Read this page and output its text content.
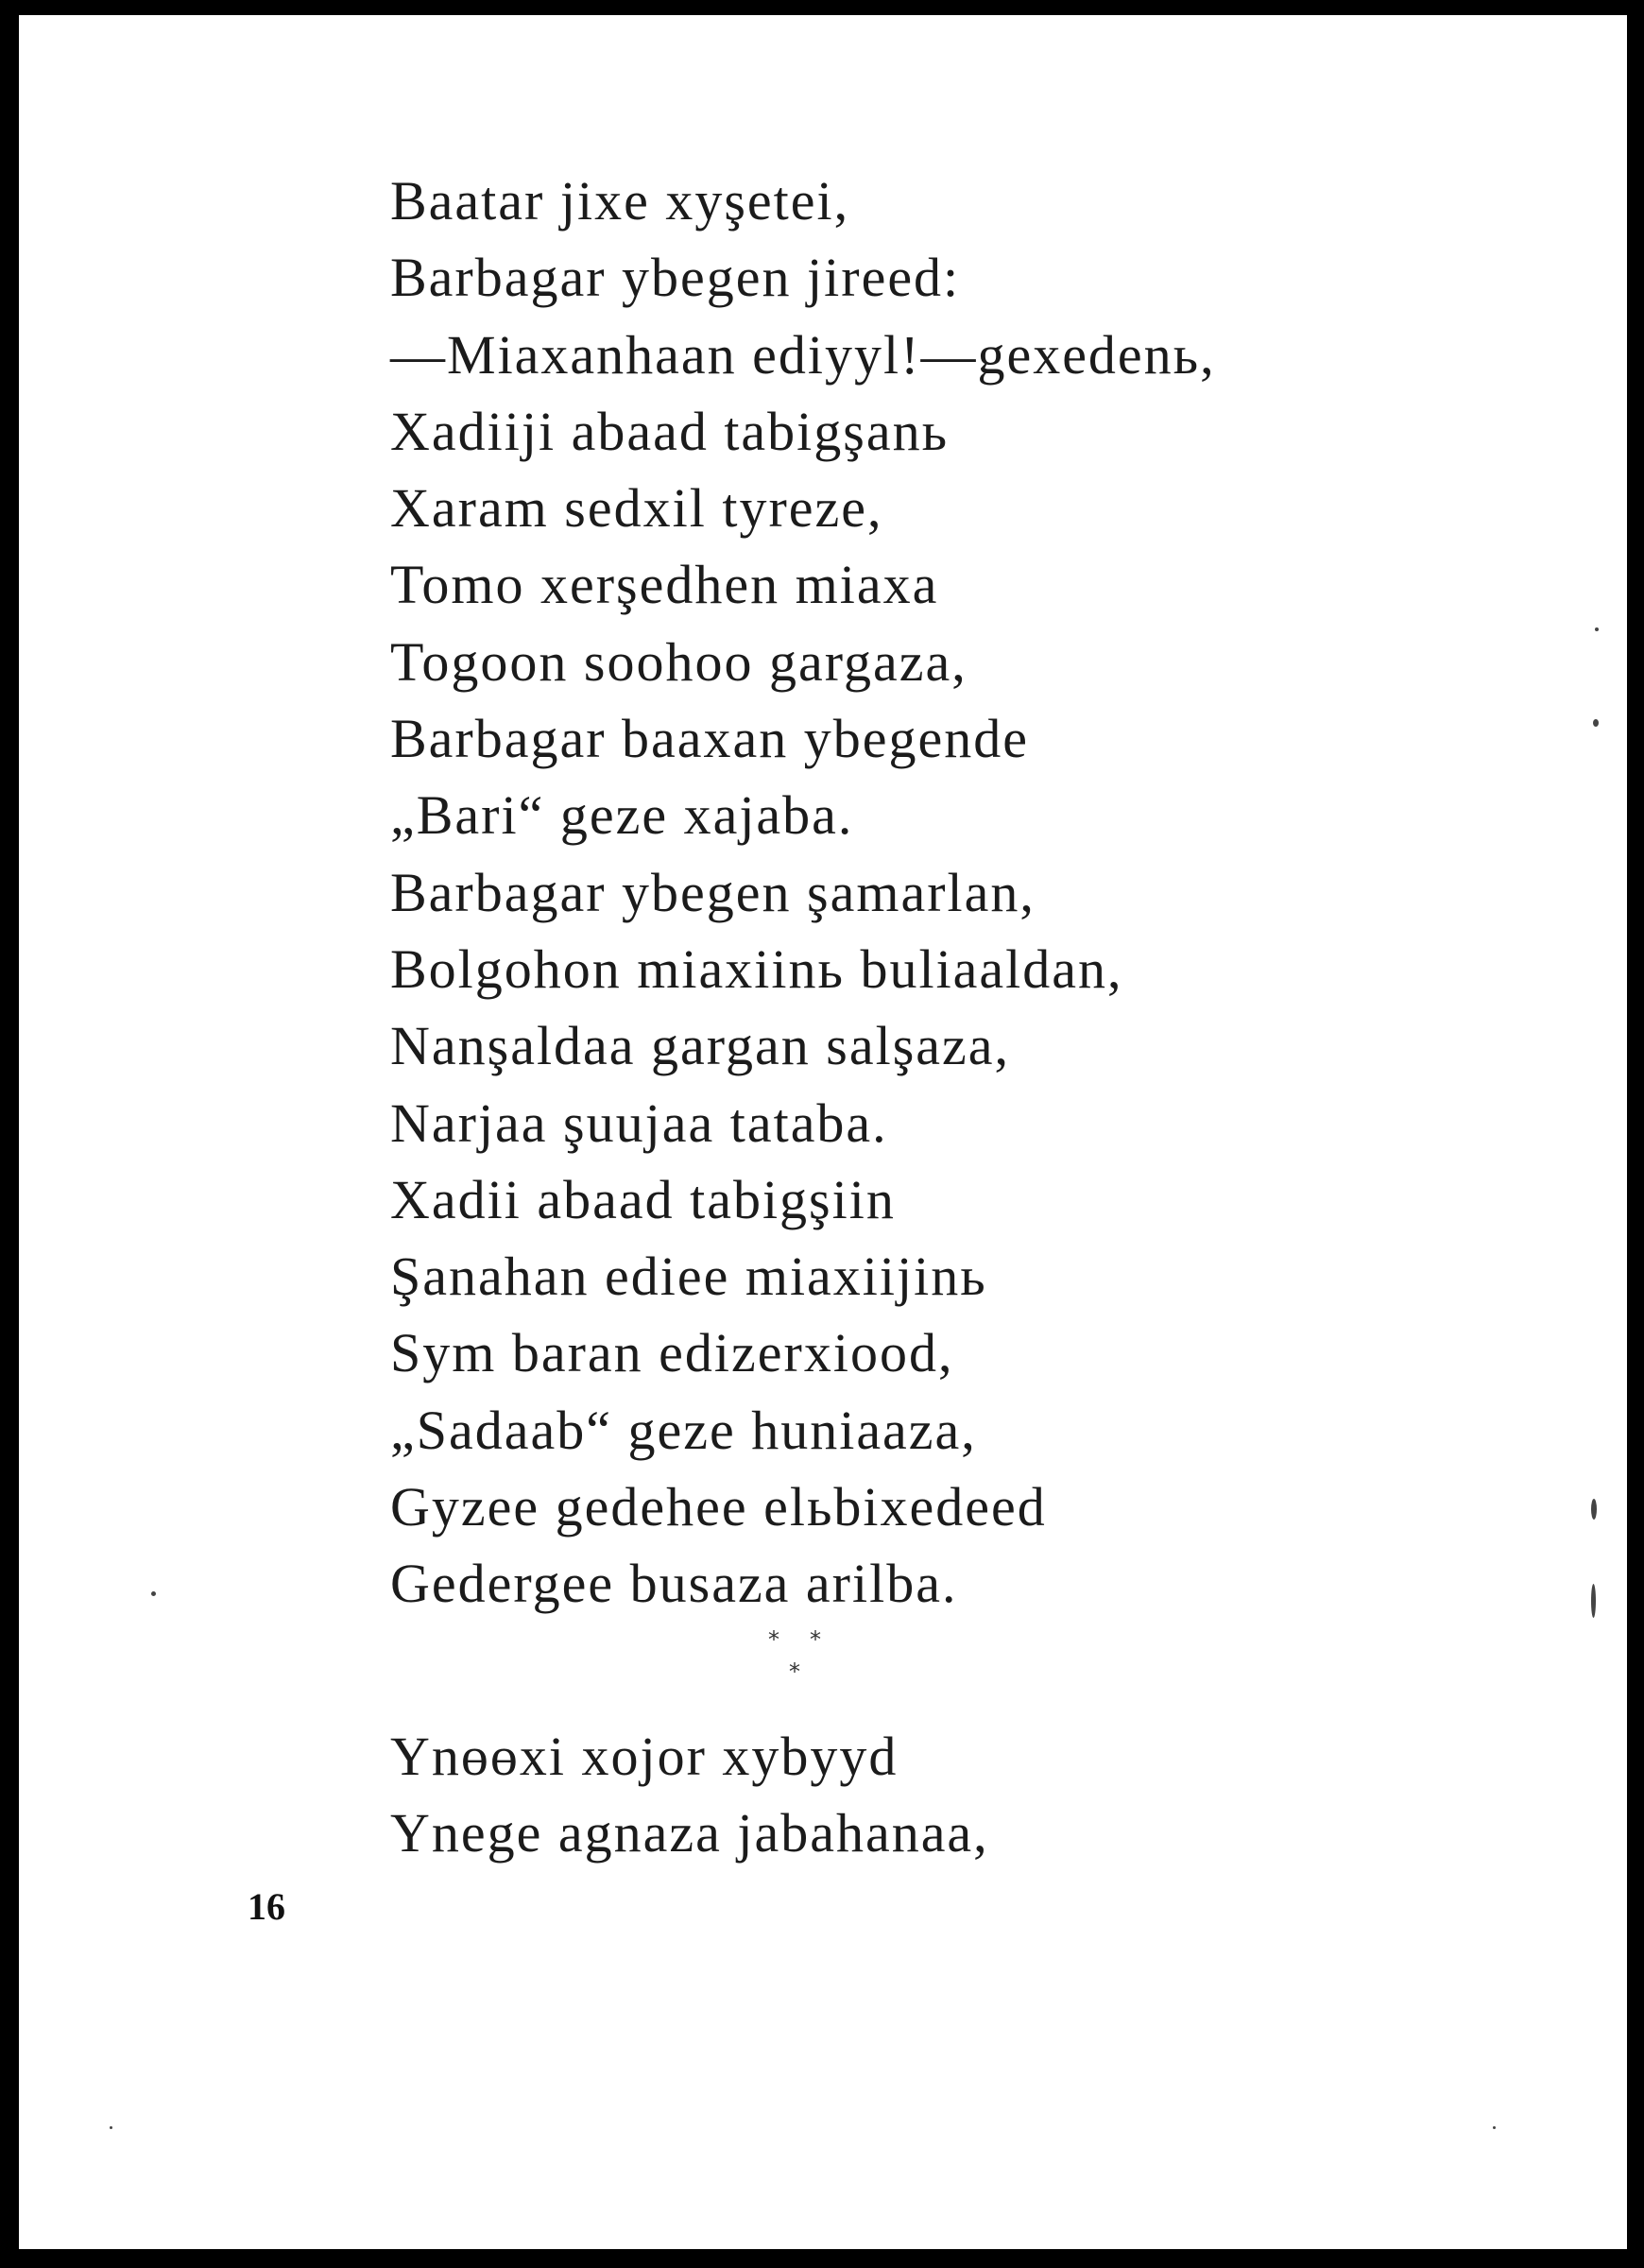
Baatar jixe xyşetei,
Barbagar ybegen jireed:
—Miaxanhaan ediyyl!—gexedenь,
Xadiiji abaad tabigşanь
Xaram sedxil tyreze,
Tomo xerşedhen miaxa
Togoon soohoo gargaza,
Barbagar baaxan ybegende
„Bari“ geze xajaba.
Barbagar ybegen şamarlan,
Bolgohon miaxiinь buliaaldan,
Nanşaldaa gargan salşaza,
Narjaa şuujaa tataba.
Xadii abaad tabigşiin
Şanahan ediee miaxiijinь
Sym baran edizerxiood,
„Sadaab“ geze huniaaza,
Gyzee gedehee elьbixedeed
Gedergee busaza arilba.
* *
*
Ynөөxi xojor xybyyd
Ynege agnaza jabahanaa,
16
